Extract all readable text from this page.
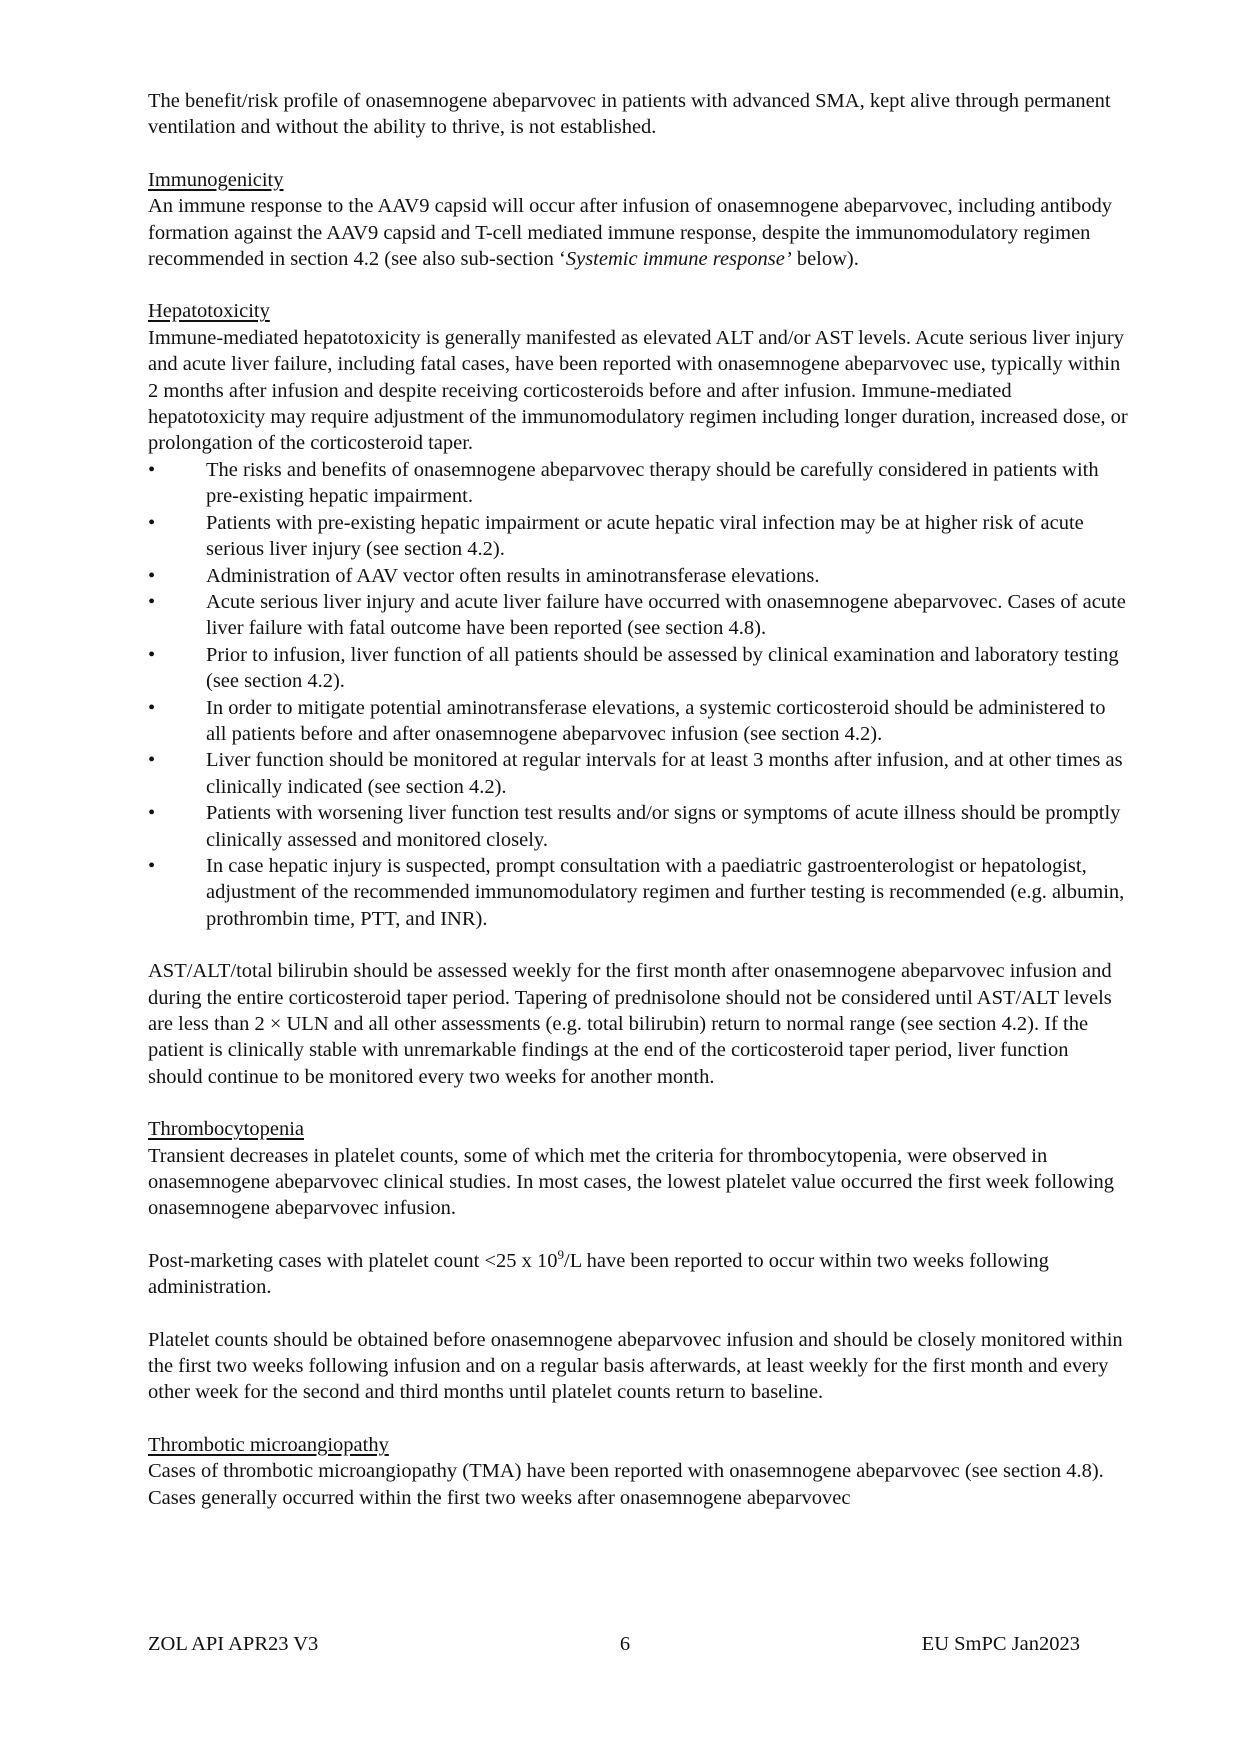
The benefit/risk profile of onasemnogene abeparvovec in patients with advanced SMA, kept alive through permanent ventilation and without the ability to thrive, is not established.

Immunogenicity

An immune response to the AAV9 capsid will occur after infusion of onasemnogene abeparvovec, including antibody formation against the AAV9 capsid and T-cell mediated immune response, despite the immunomodulatory regimen recommended in section 4.2 (see also sub-section ‘Systemic immune response’ below).

Hepatotoxicity

Immune-mediated hepatotoxicity is generally manifested as elevated ALT and/or AST levels. Acute serious liver injury and acute liver failure, including fatal cases, have been reported with onasemnogene abeparvovec use, typically within 2 months after infusion and despite receiving corticosteroids before and after infusion. Immune-mediated hepatotoxicity may require adjustment of the immunomodulatory regimen including longer duration, increased dose, or prolongation of the corticosteroid taper.

•	The risks and benefits of onasemnogene abeparvovec therapy should be carefully considered in patients with pre-existing hepatic impairment.
•	Patients with pre-existing hepatic impairment or acute hepatic viral infection may be at higher risk of acute serious liver injury (see section 4.2).
•	Administration of AAV vector often results in aminotransferase elevations.
•	Acute serious liver injury and acute liver failure have occurred with onasemnogene abeparvovec. Cases of acute liver failure with fatal outcome have been reported (see section 4.8).
•	Prior to infusion, liver function of all patients should be assessed by clinical examination and laboratory testing (see section 4.2).
•	In order to mitigate potential aminotransferase elevations, a systemic corticosteroid should be administered to all patients before and after onasemnogene abeparvovec infusion (see section 4.2).
•	Liver function should be monitored at regular intervals for at least 3 months after infusion, and at other times as clinically indicated (see section 4.2).
•	Patients with worsening liver function test results and/or signs or symptoms of acute illness should be promptly clinically assessed and monitored closely.
•	In case hepatic injury is suspected, prompt consultation with a paediatric gastroenterologist or hepatologist, adjustment of the recommended immunomodulatory regimen and further testing is recommended (e.g. albumin, prothrombin time, PTT, and INR).

AST/ALT/total bilirubin should be assessed weekly for the first month after onasemnogene abeparvovec infusion and during the entire corticosteroid taper period. Tapering of prednisolone should not be considered until AST/ALT levels are less than 2 × ULN and all other assessments (e.g. total bilirubin) return to normal range (see section 4.2). If the patient is clinically stable with unremarkable findings at the end of the corticosteroid taper period, liver function should continue to be monitored every two weeks for another month.

Thrombocytopenia

Transient decreases in platelet counts, some of which met the criteria for thrombocytopenia, were observed in onasemnogene abeparvovec clinical studies. In most cases, the lowest platelet value occurred the first week following onasemnogene abeparvovec infusion.

Post-marketing cases with platelet count <25 x $10^9/L$ have been reported to occur within two weeks following administration.

Platelet counts should be obtained before onasemnogene abeparvovec infusion and should be closely monitored within the first two weeks following infusion and on a regular basis afterwards, at least weekly for the first month and every other week for the second and third months until platelet counts return to baseline.

Thrombotic microangiopathy

Cases of thrombotic microangiopathy (TMA) have been reported with onasemnogene abeparvovec (see section 4.8). Cases generally occurred within the first two weeks after onasemnogene abeparvovec

ZOL API APR23 V3	6	EU SmPC Jan2023
